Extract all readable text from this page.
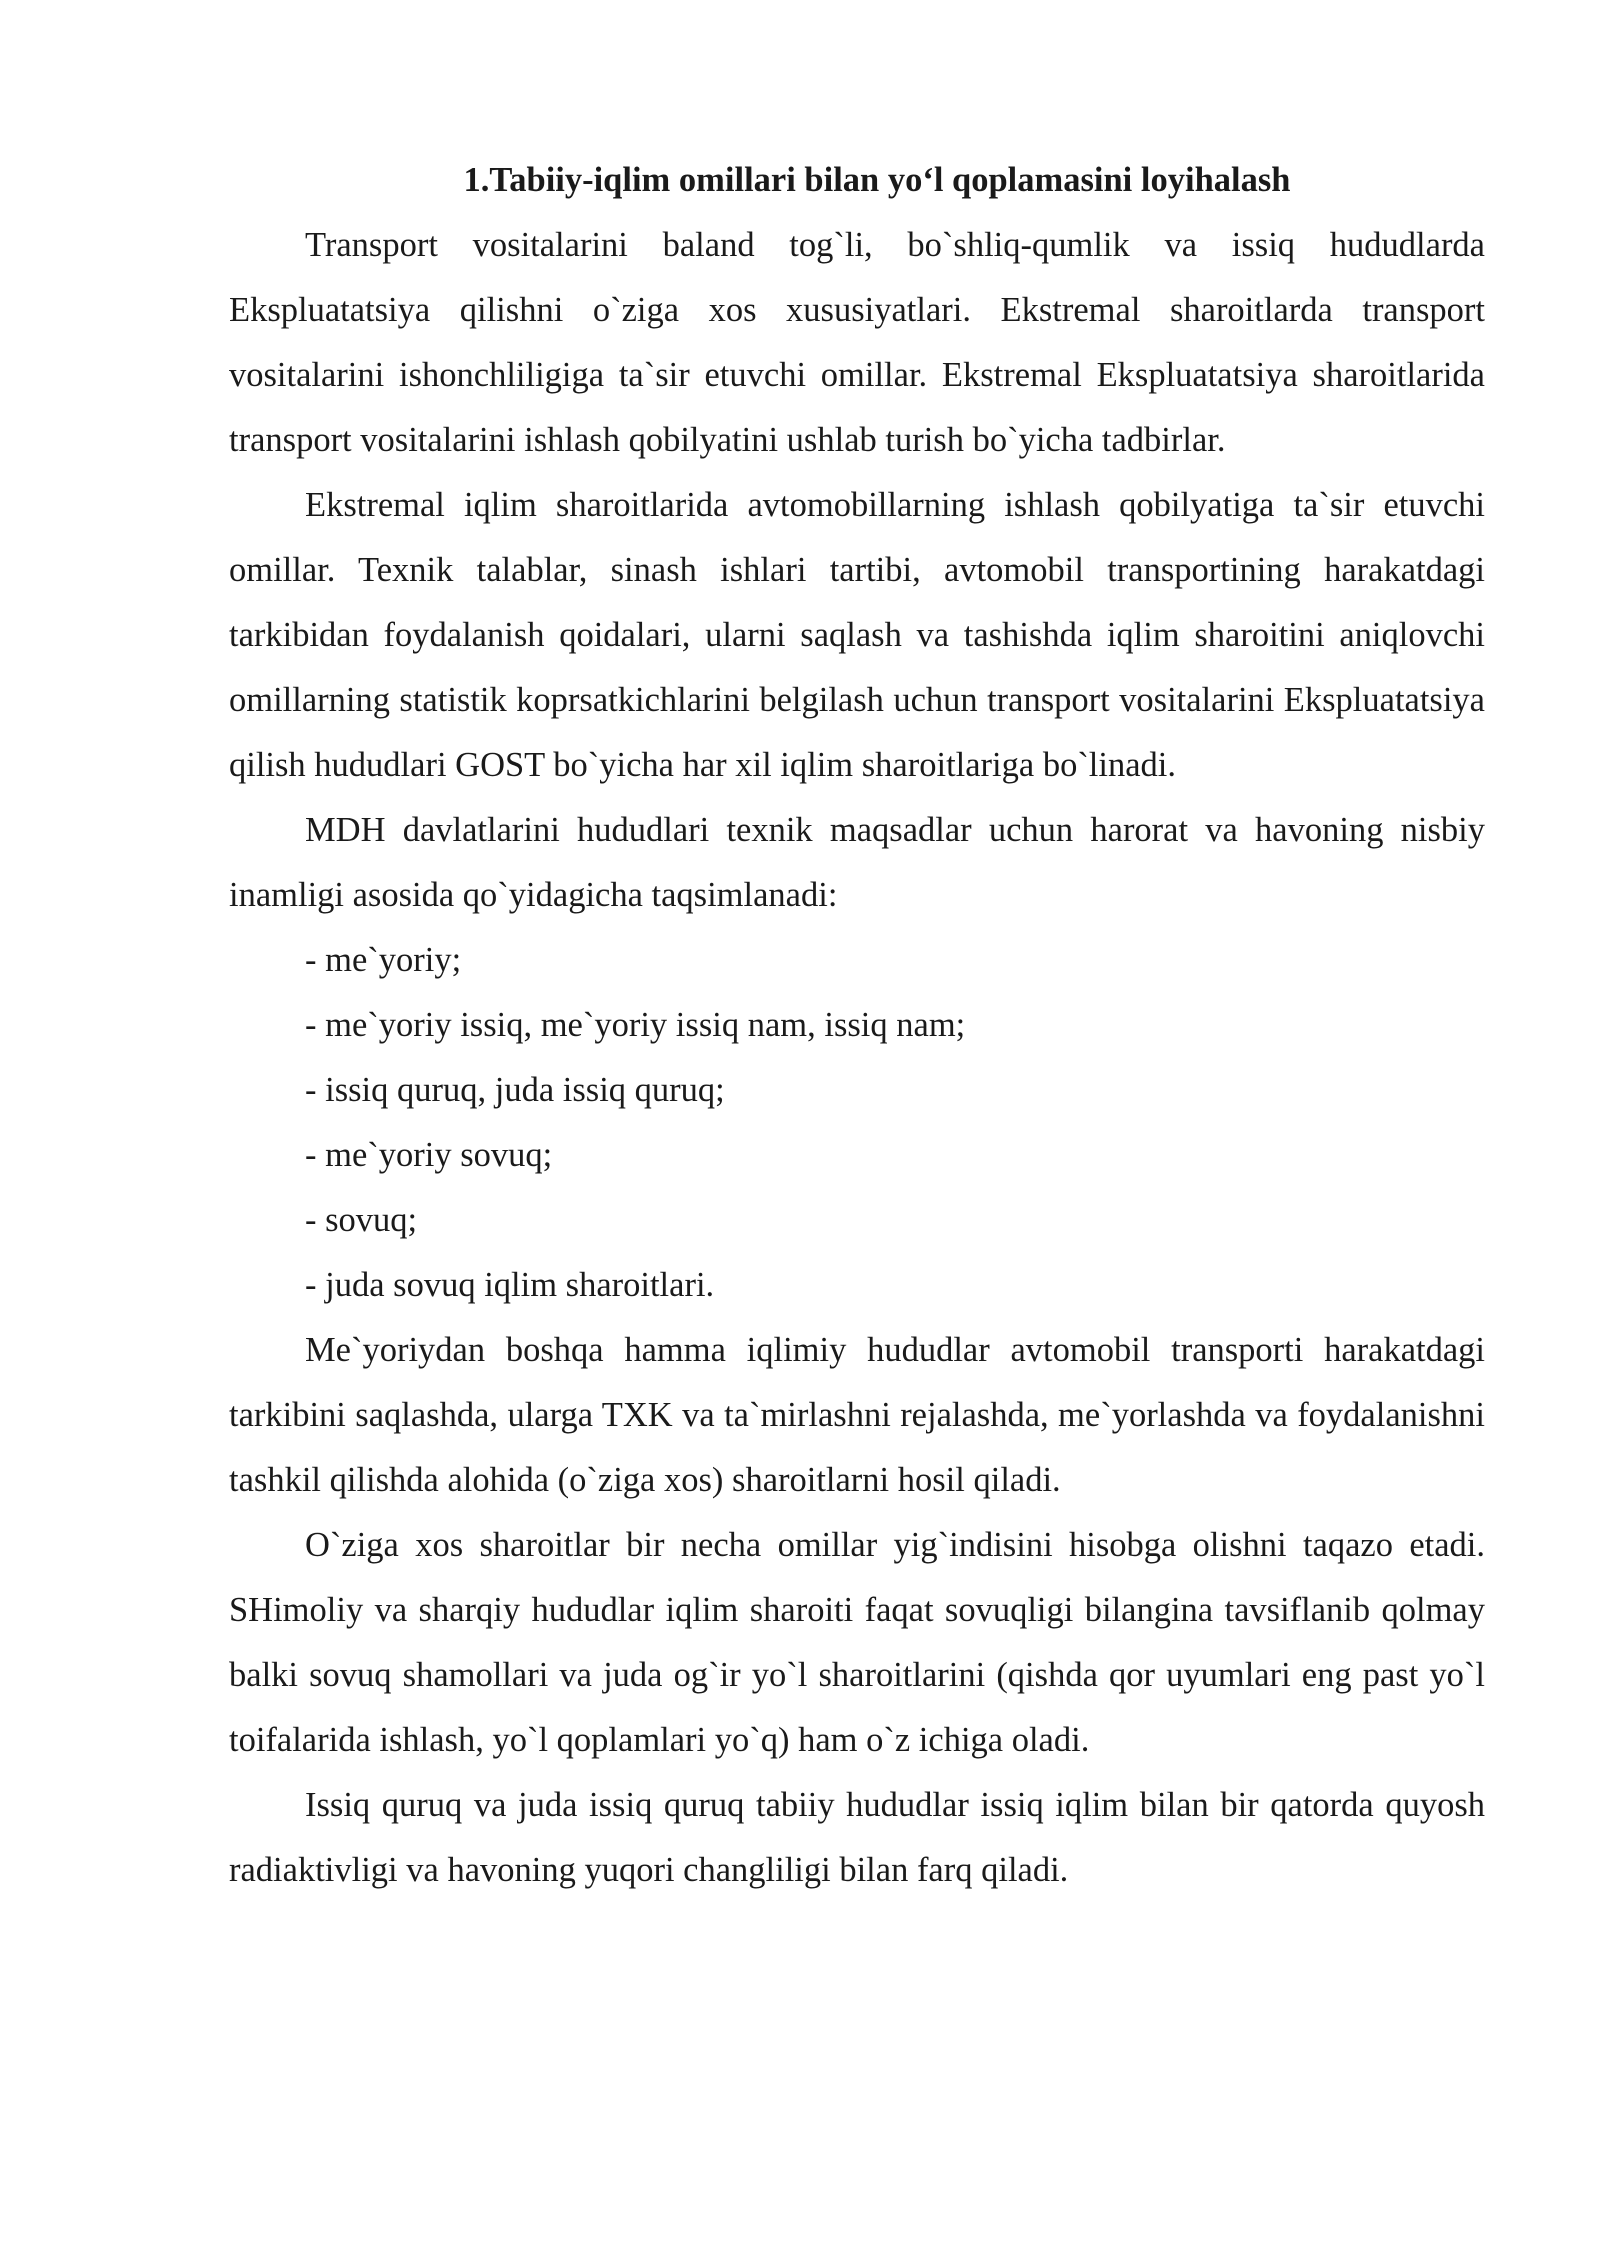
1.Tabiiy-iqlim omillari bilan yo‘l qoplamasini loyihalash

Transport vositalarini baland tog`li, bo`shliq-qumlik va issiq hududlarda Ekspluatatsiya qilishni o`ziga xos xususiyatlari. Ekstremal sharoitlarda transport vositalarini ishonchliligiga ta`sir etuvchi omillar. Ekstremal Ekspluatatsiya sharoitlarida transport vositalarini ishlash qobilyatini ushlab turish bo`yicha tadbirlar.

Ekstremal iqlim sharoitlarida avtomobillarning ishlash qobilyatiga ta`sir etuvchi omillar. Texnik talablar, sinash ishlari tartibi, avtomobil transportining harakatdagi tarkibidan foydalanish qoidalari, ularni saqlash va tashishda iqlim sharoitini aniqlovchi omillarning statistik koprsatkichlarini belgilash uchun transport vositalarini Ekspluatatsiya qilish hududlari GOST bo`yicha har xil iqlim sharoitlariga bo`linadi.

MDH davlatlarini hududlari texnik maqsadlar uchun harorat va havoning nisbiy inamligi asosida qo`yidagicha taqsimlanadi:

- me`yoriy;

- me`yoriy issiq, me`yoriy issiq nam, issiq nam;

- issiq quruq, juda issiq quruq;

- me`yoriy sovuq;

- sovuq;

- juda sovuq iqlim sharoitlari.

Me`yoriydan boshqa hamma iqlimiy hududlar avtomobil transporti harakatdagi tarkibini saqlashda, ularga TXK va ta`mirlashni rejalashda, me`yorlashda va foydalanishni tashkil qilishda alohida (o`ziga xos) sharoitlarni hosil qiladi.

O`ziga xos sharoitlar bir necha omillar yig`indisini hisobga olishni taqazo etadi. SHimoliy va sharqiy hududlar iqlim sharoiti faqat sovuqligi bilangina tavsiflanib qolmay balki sovuq shamollari va juda og`ir yo`l sharoitlarini (qishda qor uyumlari eng past yo`l toifalarida ishlash, yo`l qoplamlari yo`q) ham o`z ichiga oladi.

Issiq quruq va juda issiq quruq tabiiy hududlar issiq iqlim bilan bir qatorda quyosh radiaktivligi va havoning yuqori changliligi bilan farq qiladi.
